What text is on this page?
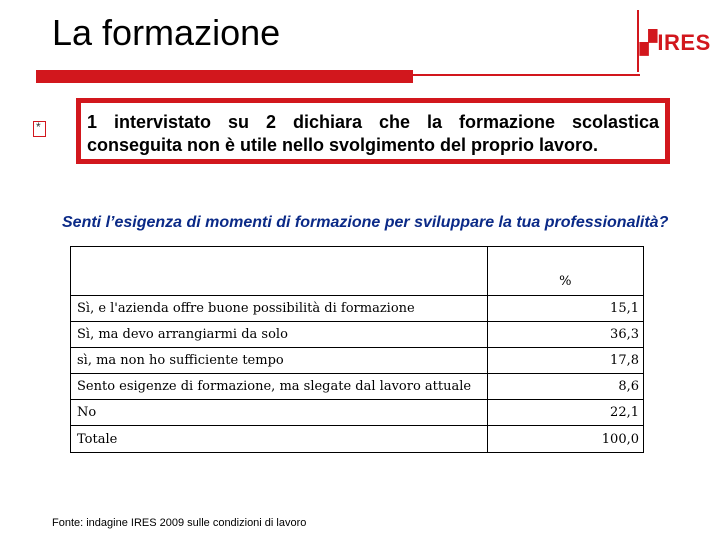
La formazione	▞IRES
*
1 intervistato su 2 dichiara che la formazione scolastica conseguita non è utile nello svolgimento del proprio lavoro.
Senti l’esigenza di momenti di formazione per sviluppare la tua professionalità?
	%
Sì, e l'azienda offre buone possibilità di formazione	15,1
Sì, ma devo arrangiarmi da solo	36,3
sì, ma non ho sufficiente tempo	17,8
Sento esigenze di formazione, ma slegate dal lavoro attuale	8,6
No	22,1
Totale	100,0
Fonte: indagine IRES 2009 sulle condizioni di lavoro
